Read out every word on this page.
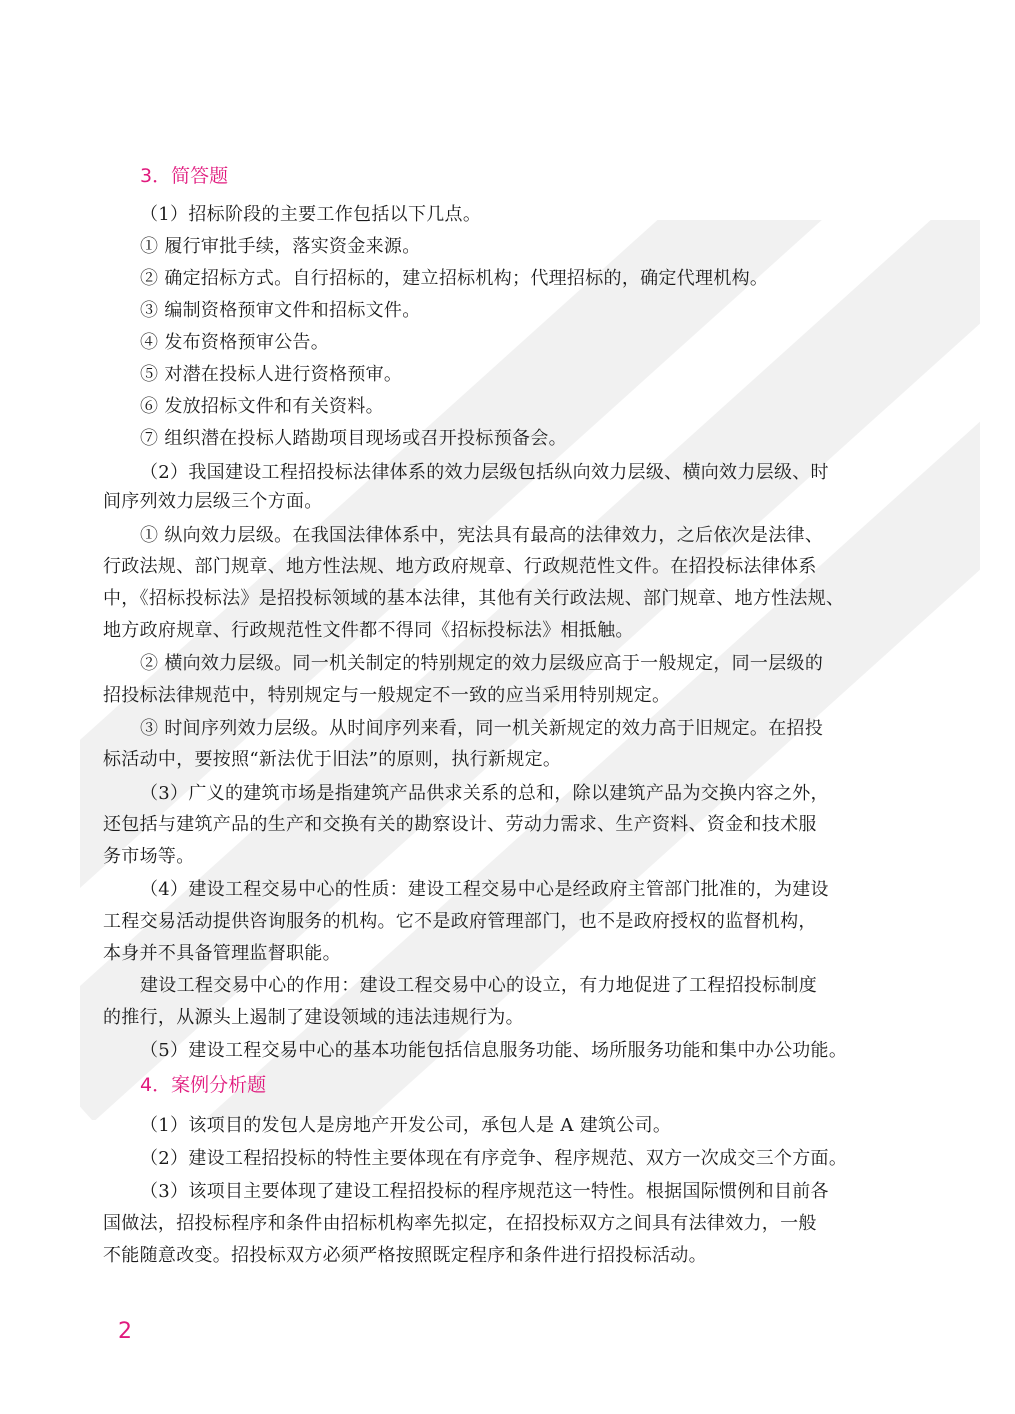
3．简答题
（1）招标阶段的主要工作包括以下几点。
① 履行审批手续，落实资金来源。
② 确定招标方式。自行招标的，建立招标机构；代理招标的，确定代理机构。
③ 编制资格预审文件和招标文件。
④ 发布资格预审公告。
⑤ 对潜在投标人进行资格预审。
⑥ 发放招标文件和有关资料。
⑦ 组织潜在投标人踏勘项目现场或召开投标预备会。
（2）我国建设工程招投标法律体系的效力层级包括纵向效力层级、横向效力层级、时
间序列效力层级三个方面。
① 纵向效力层级。在我国法律体系中，宪法具有最高的法律效力，之后依次是法律、
行政法规、部门规章、地方性法规、地方政府规章、行政规范性文件。在招投标法律体系
中，《招标投标法》是招投标领域的基本法律，其他有关行政法规、部门规章、地方性法规、
地方政府规章、行政规范性文件都不得同《招标投标法》相抵触。
② 横向效力层级。同一机关制定的特别规定的效力层级应高于一般规定，同一层级的
招投标法律规范中，特别规定与一般规定不一致的应当采用特别规定。
③ 时间序列效力层级。从时间序列来看，同一机关新规定的效力高于旧规定。在招投
标活动中，要按照“新法优于旧法”的原则，执行新规定。
（3）广义的建筑市场是指建筑产品供求关系的总和，除以建筑产品为交换内容之外，
还包括与建筑产品的生产和交换有关的勘察设计、劳动力需求、生产资料、资金和技术服
务市场等。
（4）建设工程交易中心的性质：建设工程交易中心是经政府主管部门批准的，为建设
工程交易活动提供咨询服务的机构。它不是政府管理部门，也不是政府授权的监督机构，
本身并不具备管理监督职能。
建设工程交易中心的作用：建设工程交易中心的设立，有力地促进了工程招投标制度
的推行，从源头上遏制了建设领域的违法违规行为。
（5）建设工程交易中心的基本功能包括信息服务功能、场所服务功能和集中办公功能。
4．案例分析题
（1）该项目的发包人是房地产开发公司，承包人是 A 建筑公司。
（2）建设工程招投标的特性主要体现在有序竞争、程序规范、双方一次成交三个方面。
（3）该项目主要体现了建设工程招投标的程序规范这一特性。根据国际惯例和目前各
国做法，招投标程序和条件由招标机构率先拟定，在招投标双方之间具有法律效力，一般
不能随意改变。招投标双方必须严格按照既定程序和条件进行招投标活动。
2
